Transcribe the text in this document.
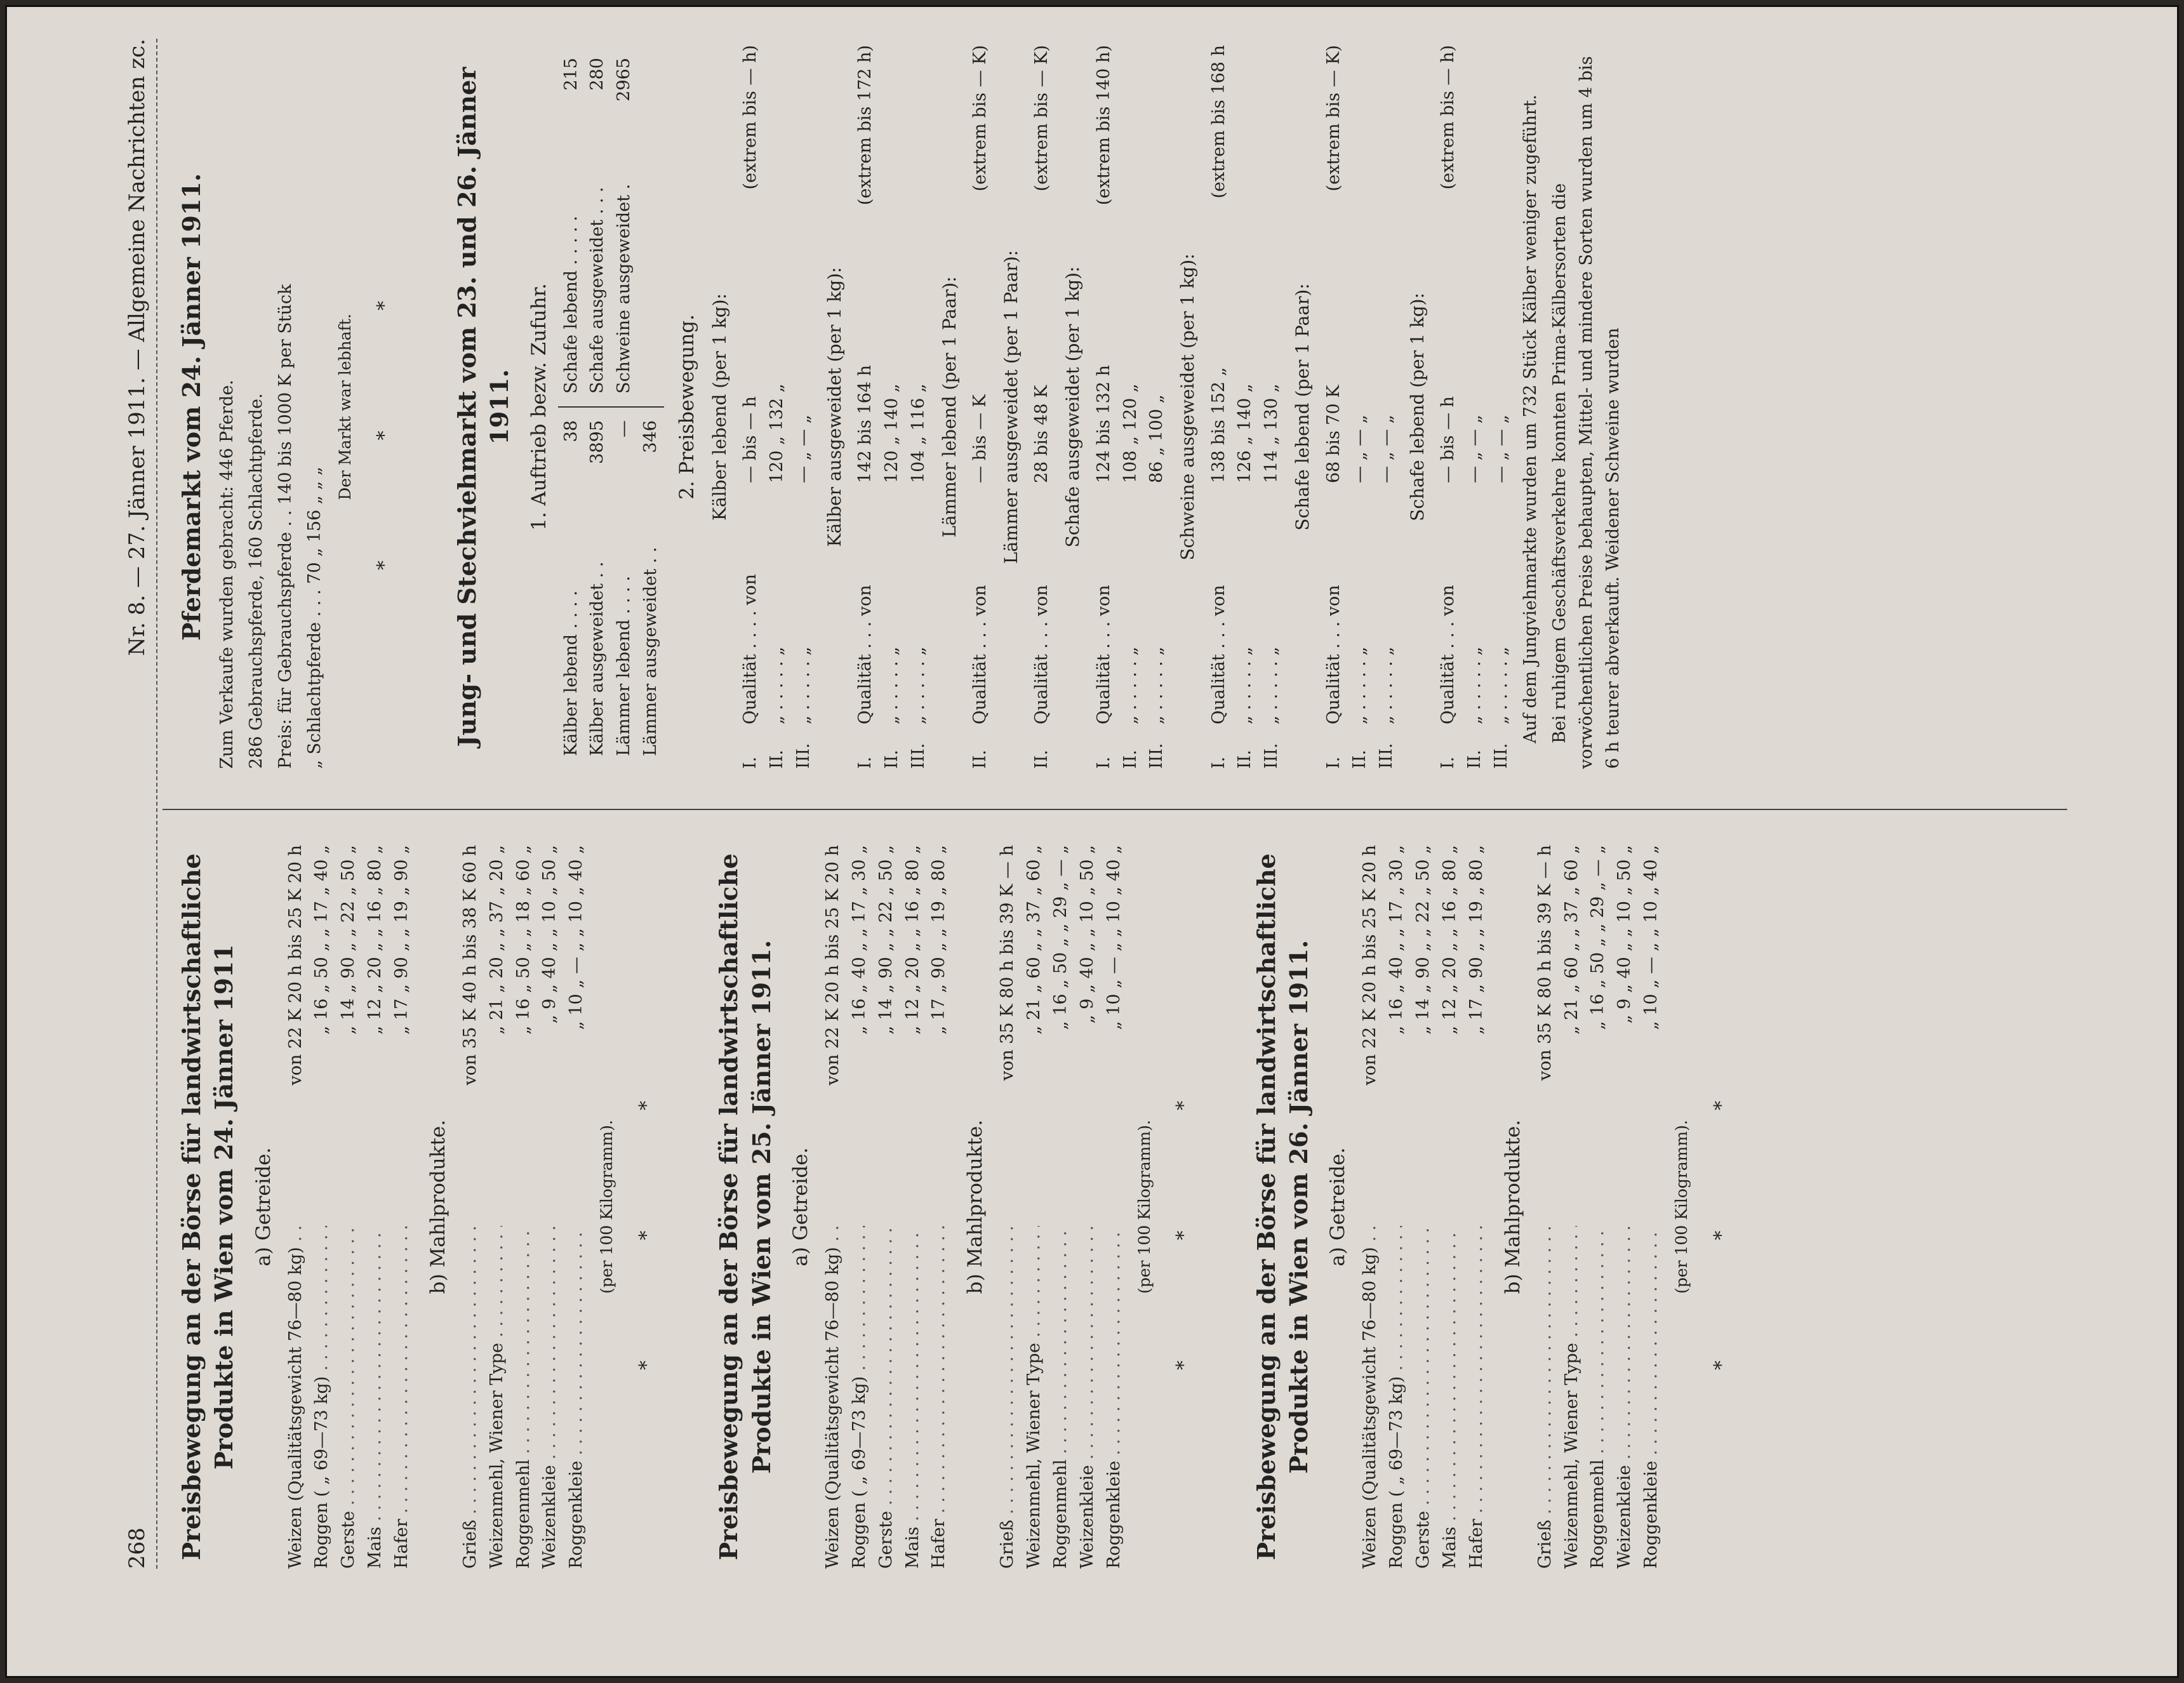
268
Nr. 8. — 27. Jänner 1911. — Allgemeine Nachrichten zc.
Preisbewegung an der Börse für landwirtschaftliche Produkte in Wien vom 24. Jänner 1911 a) Getreide.
Weizen (Qualitätsgewicht 76—80 kg) . . .
von 22 K 20 h bis 25 K 20 h
Roggen ( „ 69—73 kg) . . .
„ 16 „ 50 „ „ 17 „ 40 „
Gerste . . .
„ 14 „ 90 „ „ 22 „ 50 „
Mais . . .
„ 12 „ 20 „ „ 16 „ 80 „
Hafer . . .
„ 17 „ 90 „ „ 19 „ 90 „
b) Mahlprodukte.
Grieß . . .
von 35 K 40 h bis 38 K 60 h
Weizenmehl, Wiener Type . . .
„ 21 „ 20 „ „ 37 „ 20 „
Roggenmehl . . .
„ 16 „ 50 „ „ 18 „ 60 „
Weizenkleie . . .
„ 9 „ 40 „ „ 10 „ 50 „
Roggenkleie . . .
„ 10 „ — „ „ 10 „ 40 „
(per 100 Kilogramm). * * * Preisbewegung an der Börse für landwirtschaftliche Produkte in Wien vom 25. Jänner 1911. a) Getreide.
Weizen (Qualitätsgewicht 76—80 kg) . . .
von 22 K 20 h bis 25 K 20 h
Roggen ( „ 69—73 kg) . . .
„ 16 „ 40 „ „ 17 „ 30 „
Gerste . . .
„ 14 „ 90 „ „ 22 „ 50 „
Mais . . .
„ 12 „ 20 „ „ 16 „ 80 „
Hafer . . .
„ 17 „ 90 „ „ 19 „ 80 „
b) Mahlprodukte.
Grieß . . .
von 35 K 80 h bis 39 K — h
Weizenmehl, Wiener Type . . .
„ 21 „ 60 „ „ 37 „ 60 „
Roggenmehl . . .
„ 16 „ 50 „ „ 29 „ — „
Weizenkleie . . .
„ 9 „ 40 „ „ 10 „ 50 „
Roggenkleie . . .
„ 10 „ — „ „ 10 „ 40 „
(per 100 Kilogramm). * * * Preisbewegung an der Börse für landwirtschaftliche Produkte in Wien vom 26. Jänner 1911. a) Getreide.
Weizen (Qualitätsgewicht 76—80 kg) . . .
von 22 K 20 h bis 25 K 20 h
Roggen ( „ 69—73 kg) . . .
„ 16 „ 40 „ „ 17 „ 30 „
Gerste . . .
„ 14 „ 90 „ „ 22 „ 50 „
Mais . . .
„ 12 „ 20 „ „ 16 „ 80 „
Hafer . . .
„ 17 „ 90 „ „ 19 „ 80 „
b) Mahlprodukte.
Grieß . . .
von 35 K 80 h bis 39 K — h
Weizenmehl, Wiener Type . . .
„ 21 „ 60 „ „ 37 „ 60 „
Roggenmehl . . .
„ 16 „ 50 „ „ 29 „ — „
Weizenkleie . . .
„ 9 „ 40 „ „ 10 „ 50 „
Roggenkleie . . .
„ 10 „ — „ „ 10 „ 40 „
(per 100 Kilogramm). * * *
Pferdemarkt vom 24. Jänner 1911. Zum Verkaufe wurden gebracht: 446 Pferde. 286 Gebrauchspferde, 160 Schlachtpferde. Preis: für Gebrauchspferde . . 140 bis 1000 K per Stück „ Schlachtpferde . . . 70 „ 156 „ „ „
Der Markt war lebhaft. * * * Jung- und Stechviehmarkt vom 23. und 26. Jänner 1911. 1. Auftrieb bezw. Zufuhr.
Kälber lebend . . . .
38
Kälber ausgeweidet . .
3895
Lämmer lebend . . . .
—
Lämmer ausgeweidet . .
346
Schafe lebend . . . . .
215
Schafe ausgeweidet . . .
280
Schweine ausgeweidet .
2965
2. Preisbewegung. Kälber lebend (per 1 kg):
I.
Qualität . . . . von
— bis — h
(extrem bis — h)
II.
„ . . . . . „
120 „ 132 „
III.
„ . . . . . „
— „ — „ Kälber ausgeweidet (per 1 kg):
I.
Qualität . . . von
142 bis 164 h
(extrem bis 172 h)
II.
„ . . . . . „
120 „ 140 „
III.
„ . . . . . „
104 „ 116 „ Lämmer lebend (per 1 Paar):
II.
Qualität . . . von
— bis — K
(extrem bis — K)
Lämmer ausgeweidet (per 1 Paar):
II.
Qualität . . . von
28 bis 48 K
(extrem bis — K)
Schafe ausgeweidet (per 1 kg):
I.
Qualität . . . von
124 bis 132 h
(extrem bis 140 h)
II.
„ . . . . . „
108 „ 120 „
III.
„ . . . . . „
86 „ 100 „ Schweine ausgeweidet (per 1 kg):
I.
Qualität . . . von
138 bis 152 „
(extrem bis 168 h
II.
„ . . . . . „
126 „ 140 „
III.
„ . . . . . „
114 „ 130 „ Schafe lebend (per 1 Paar):
I.
Qualität . . . von
68 bis 70 K
(extrem bis — K)
II.
„ . . . . . „
— „ — „
III.
„ . . . . . „
— „ — „ Schafe lebend (per 1 kg):
I.
Qualität . . . von
— bis — h
(extrem bis — h)
II.
„ . . . . . „
— „ — „
III.
„ . . . . . „
— „ — „ Auf dem Jungviehmarkte wurden um 732 Stück Kälber weniger zugeführt. Bei ruhigem Geschäftsverkehre konnten Prima-Kälbersorten die vorwöchentlichen Preise behaupten, Mittel- und mindere Sorten wurden um 4 bis 6 h teurer abverkauft. Weidener Schweine wurden
